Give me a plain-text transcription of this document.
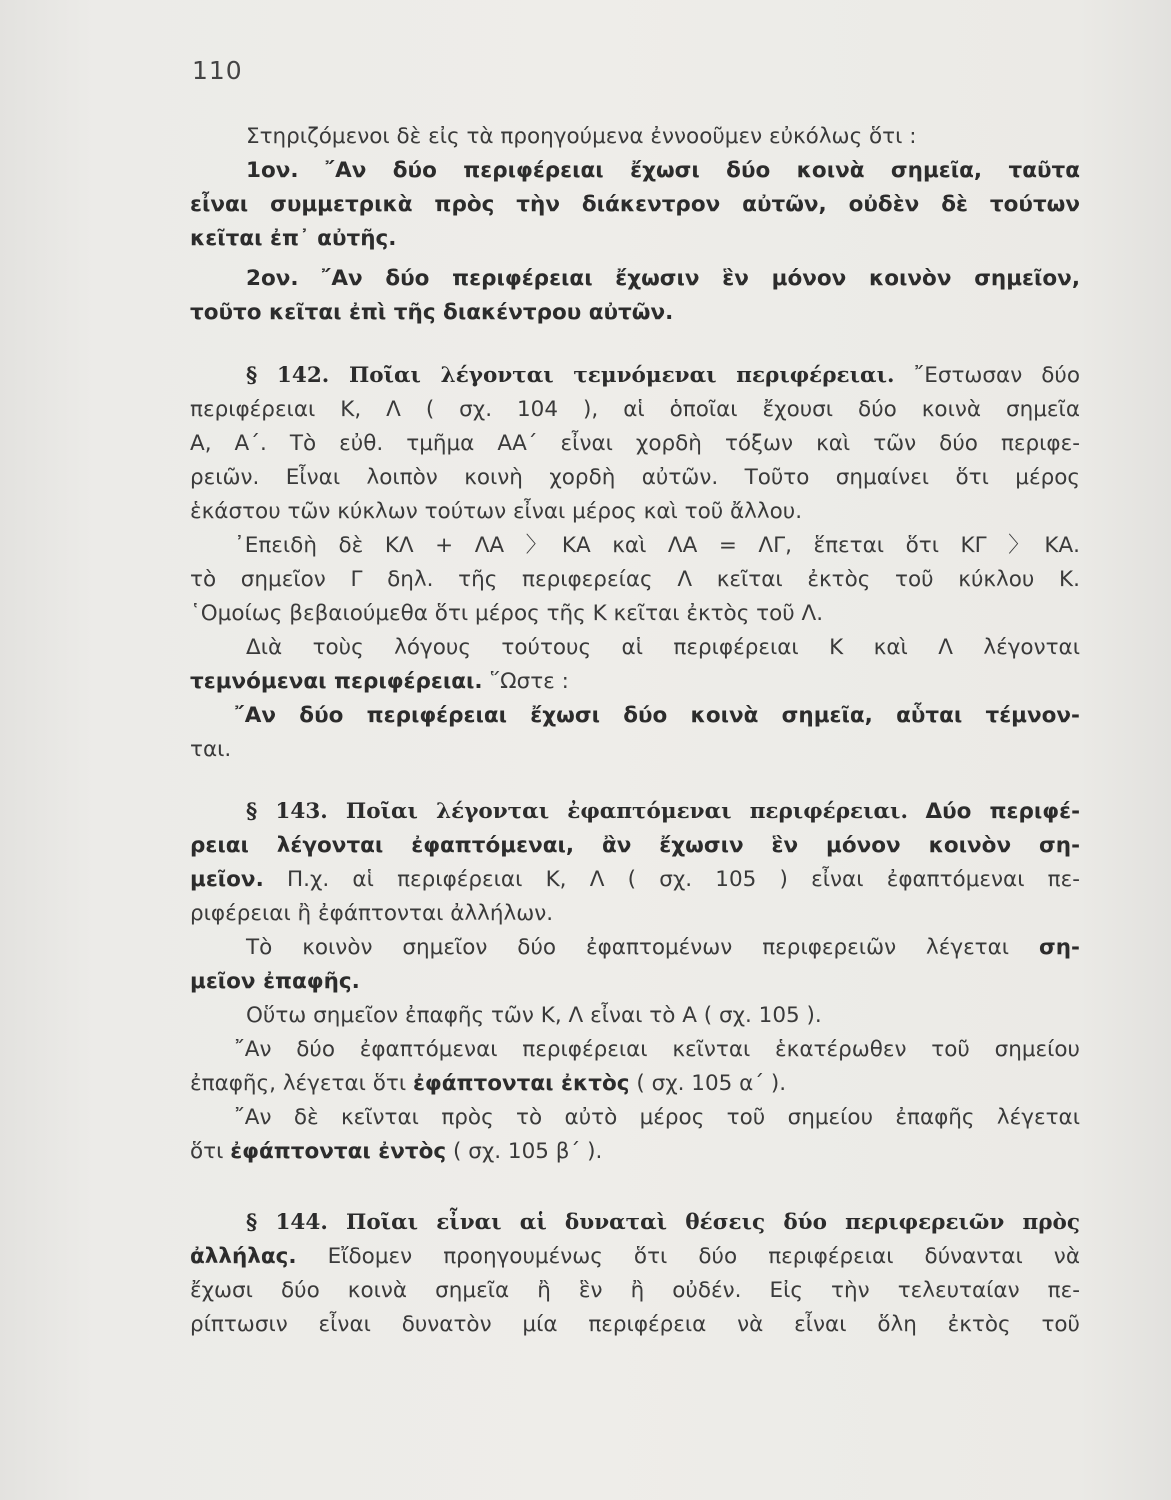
110
Στηριζόμενοι δὲ εἰς τὰ προηγούμενα ἐννοοῦμεν εὐκόλως ὅτι :
1ον. ῎Αν δύο περιφέρειαι ἔχωσι δύο κοινὰ σημεῖα, ταῦτα
εἶναι συμμετρικὰ πρὸς τὴν διάκεντρον αὐτῶν, οὐδὲν δὲ τούτων
κεῖται ἐπ᾿ αὐτῆς.
2ον. ῎Αν δύο περιφέρειαι ἔχωσιν ἓν μόνον κοινὸν σημεῖον,
τοῦτο κεῖται ἐπὶ τῆς διακέντρου αὐτῶν.
§ 142. Ποῖαι λέγονται τεμνόμεναι περιφέρειαι. ῎Εστωσαν δύο
περιφέρειαι Κ, Λ ( σχ. 104 ), αἱ ὁποῖαι ἔχουσι δύο κοινὰ σημεῖα
Α, Α΄. Τὸ εὐθ. τμῆμα ΑΑ΄ εἶναι χορδὴ τόξων καὶ τῶν δύο περιφε-
ρειῶν. Εἶναι λοιπὸν κοινὴ χορδὴ αὐτῶν. Τοῦτο σημαίνει ὅτι μέρος
ἑκάστου τῶν κύκλων τούτων εἶναι μέρος καὶ τοῦ ἄλλου.
᾿Επειδὴ δὲ ΚΛ + ΛΑ 〉ΚΑ καὶ ΛΑ = ΛΓ, ἕπεται ὅτι ΚΓ 〉ΚΑ.
τὸ σημεῖον Γ δηλ. τῆς περιφερείας Λ κεῖται ἐκτὸς τοῦ κύκλου Κ.
῾Ομοίως βεβαιούμεθα ὅτι μέρος τῆς Κ κεῖται ἐκτὸς τοῦ Λ.
Διὰ τοὺς λόγους τούτους αἱ περιφέρειαι Κ καὶ Λ λέγονται
τεμνόμεναι περιφέρειαι. ῞Ωστε :
῎Αν δύο περιφέρειαι ἔχωσι δύο κοινὰ σημεῖα, αὗται τέμνον-
ται.
§ 143. Ποῖαι λέγονται ἐφαπτόμεναι περιφέρειαι. Δύο περιφέ-
ρειαι λέγονται ἐφαπτόμεναι, ἂν ἔχωσιν ἓν μόνον κοινὸν ση-
μεῖον. Π.χ. αἱ περιφέρειαι Κ, Λ ( σχ. 105 ) εἶναι ἐφαπτόμεναι πε-
ριφέρειαι ἢ ἐφάπτονται ἀλλήλων.
Τὸ κοινὸν σημεῖον δύο ἐφαπτομένων περιφερειῶν λέγεται ση-
μεῖον ἐπαφῆς.
Οὕτω σημεῖον ἐπαφῆς τῶν Κ, Λ εἶναι τὸ Α ( σχ. 105 ).
῎Αν δύο ἐφαπτόμεναι περιφέρειαι κεῖνται ἑκατέρωθεν τοῦ σημείου
ἐπαφῆς, λέγεται ὅτι ἐφάπτονται ἐκτὸς ( σχ. 105 α΄ ).
῎Αν δὲ κεῖνται πρὸς τὸ αὐτὸ μέρος τοῦ σημείου ἐπαφῆς λέγεται
ὅτι ἐφάπτονται ἐντὸς ( σχ. 105 β΄ ).
§ 144. Ποῖαι εἶναι αἱ δυναταὶ θέσεις δύο περιφερειῶν πρὸς
ἀλλήλας. Εἴδομεν προηγουμένως ὅτι δύο περιφέρειαι δύνανται νὰ
ἔχωσι δύο κοινὰ σημεῖα ἢ ἓν ἢ οὐδέν. Εἰς τὴν τελευταίαν πε-
ρίπτωσιν εἶναι δυνατὸν μία περιφέρεια νὰ εἶναι ὅλη ἐκτὸς τοῦ
